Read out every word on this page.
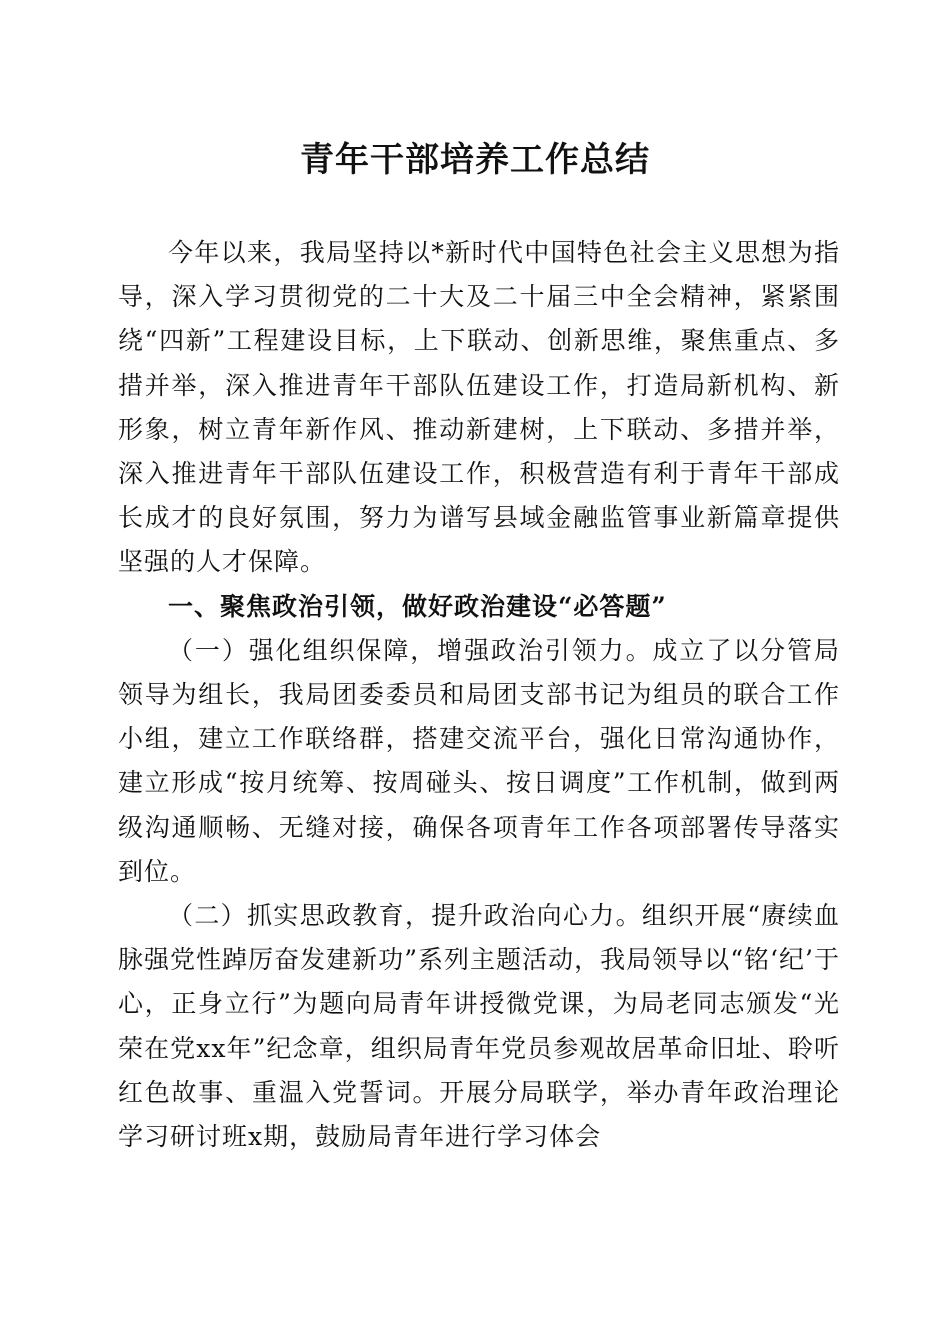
青年干部培养工作总结

今年以来，我局坚持以*新时代中国特色社会主义思想为指导，深入学习贯彻党的二十大及二十届三中全会精神，紧紧围绕“四新”工程建设目标，上下联动、创新思维，聚焦重点、多措并举，深入推进青年干部队伍建设工作，打造局新机构、新形象，树立青年新作风、推动新建树，上下联动、多措并举，深入推进青年干部队伍建设工作，积极营造有利于青年干部成长成才的良好氛围，努力为谱写县域金融监管事业新篇章提供坚强的人才保障。

一、聚焦政治引领，做好政治建设“必答题”

（一）强化组织保障，增强政治引领力。成立了以分管局领导为组长，我局团委委员和局团支部书记为组员的联合工作小组，建立工作联络群，搭建交流平台，强化日常沟通协作，建立形成“按月统筹、按周碰头、按日调度”工作机制，做到两级沟通顺畅、无缝对接，确保各项青年工作各项部署传导落实到位。

（二）抓实思政教育，提升政治向心力。组织开展“赓续血脉强党性踔厉奋发建新功”系列主题活动，我局领导以“铭‘纪’于心，正身立行”为题向局青年讲授微党课，为局老同志颁发“光荣在党xx年”纪念章，组织局青年党员参观故居革命旧址、聆听红色故事、重温入党誓词。开展分局联学，举办青年政治理论学习研讨班x期，鼓励局青年进行学习体会
